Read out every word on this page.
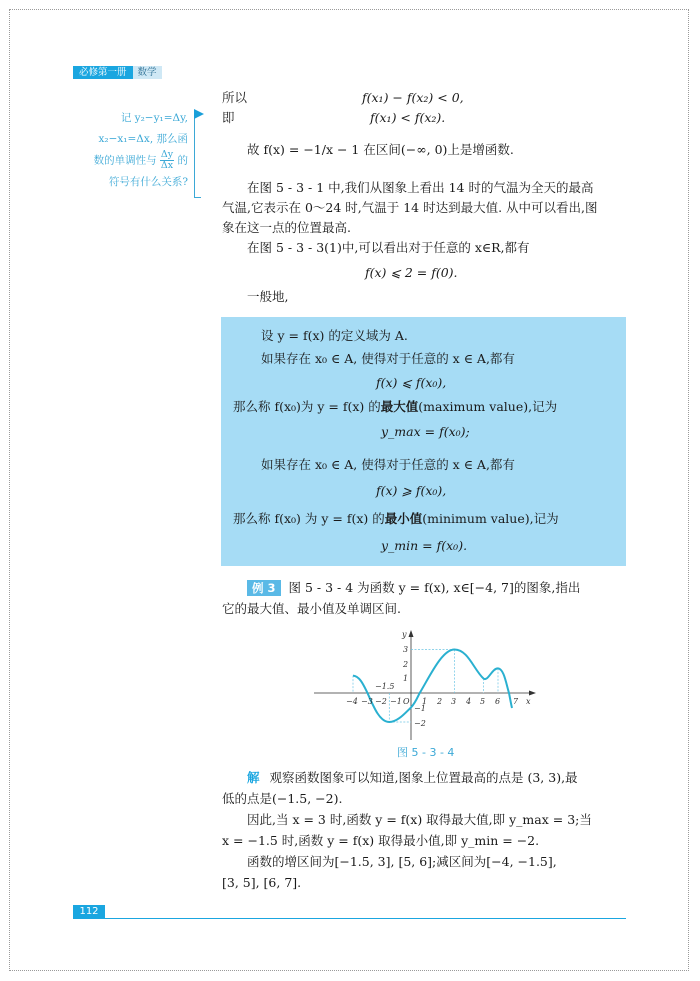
必修第一册	数学
记 y₂−y₁=Δy,
x₂−x₁=Δx, 那么函
数的单调性与 $\frac{\Delta y}{\Delta x}$ 的
符号有什么关系?
所以	f(x₁) − f(x₂) < 0,
即	f(x₁) < f(x₂).
故 f(x) = −1/x − 1 在区间(−∞, 0)上是增函数.
在图 5 - 3 - 1 中,我们从图象上看出 14 时的气温为全天的最高
气温,它表示在 0～24 时,气温于 14 时达到最大值. 从中可以看出,图
象在这一点的位置最高.
在图 5 - 3 - 3(1)中,可以看出对于任意的 x∈R,都有
f(x) ⩽ 2 = f(0).
一般地,
设 y = f(x) 的定义域为 A.
如果存在 x₀ ∈ A, 使得对于任意的 x ∈ A,都有
f(x) ⩽ f(x₀),
那么称 f(x₀)为 y = f(x) 的最大值(maximum value),记为
y_max = f(x₀);
如果存在 x₀ ∈ A, 使得对于任意的 x ∈ A,都有
f(x) ⩾ f(x₀),
那么称 f(x₀) 为 y = f(x) 的最小值(minimum value),记为
y_min = f(x₀).
例 3 图 5 - 3 - 4 为函数 y = f(x), x∈[−4, 7]的图象,指出
它的最大值、最小值及单调区间.
−4 −3 −2 −1 O 1 2 3 4 5 6 7 x
y
3
2
1
−1
−2
−1.5
图 5 - 3 - 4
解 观察函数图象可以知道,图象上位置最高的点是 (3, 3),最
低的点是(−1.5, −2).
因此,当 x = 3 时,函数 y = f(x) 取得最大值,即 y_max = 3;当
x = −1.5 时,函数 y = f(x) 取得最小值,即 y_min = −2.
函数的增区间为[−1.5, 3], [5, 6];减区间为[−4, −1.5],
[3, 5], [6, 7].
112
